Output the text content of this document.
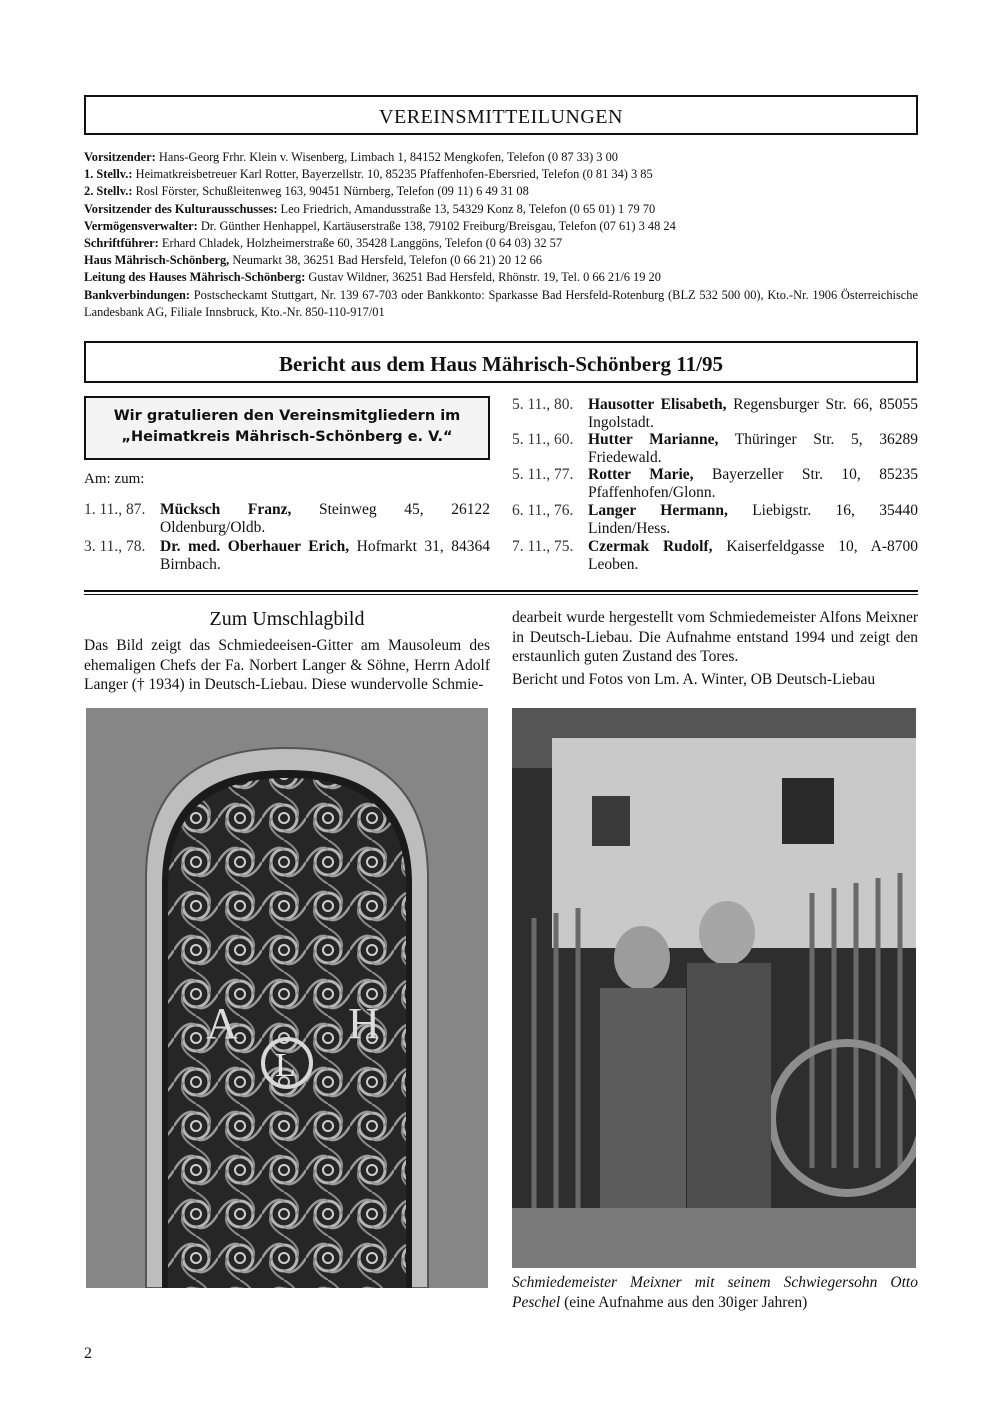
VEREINSMITTEILUNGEN
Vorsitzender: Hans-Georg Frhr. Klein v. Wisenberg, Limbach 1, 84152 Mengkofen, Telefon (0 87 33) 3 00
1. Stellv.: Heimatkreisbetreuer Karl Rotter, Bayerzellstr. 10, 85235 Pfaffenhofen-Ebersried, Telefon (0 81 34) 3 85
2. Stellv.: Rosl Förster, Schußleitenweg 163, 90451 Nürnberg, Telefon (09 11) 6 49 31 08
Vorsitzender des Kulturausschusses: Leo Friedrich, Amandusstraße 13, 54329 Konz 8, Telefon (0 65 01) 1 79 70
Vermögensverwalter: Dr. Günther Henhappel, Kartäuserstraße 138, 79102 Freiburg/Breisgau, Telefon (07 61) 3 48 24
Schriftführer: Erhard Chladek, Holzheimerstraße 60, 35428 Langgöns, Telefon (0 64 03) 32 57
Haus Mährisch-Schönberg, Neumarkt 38, 36251 Bad Hersfeld, Telefon (0 66 21) 20 12 66
Leitung des Hauses Mährisch-Schönberg: Gustav Wildner, 36251 Bad Hersfeld, Rhönstr. 19, Tel. 0 66 21/6 19 20
Bankverbindungen: Postscheckamt Stuttgart, Nr. 139 67-703 oder Bankkonto: Sparkasse Bad Hersfeld-Rotenburg (BLZ 532 500 00), Kto.-Nr. 1906 Österreichische Landesbank AG, Filiale Innsbruck, Kto.-Nr. 850-110-917/01
Bericht aus dem Haus Mährisch-Schönberg 11/95
Wir gratulieren den Vereinsmitgliedern im
„Heimatkreis Mährisch-Schönberg e. V.“
Am: zum:
1. 11., 87. Mücksch Franz, Steinweg 45, 26122 Oldenburg/Oldb.
3. 11., 78. Dr. med. Oberhauer Erich, Hofmarkt 31, 84364 Birnbach.
5. 11., 80. Hausotter Elisabeth, Regensburger Str. 66, 85055 Ingolstadt.
5. 11., 60. Hutter Marianne, Thüringer Str. 5, 36289 Friedewald.
5. 11., 77. Rotter Marie, Bayerzeller Str. 10, 85235 Pfaffenhofen/Glonn.
6. 11., 76. Langer Hermann, Liebigstr. 16, 35440 Linden/Hess.
7. 11., 75. Czermak Rudolf, Kaiserfeldgasse 10, A-8700 Leoben.
Zum Umschlagbild
Das Bild zeigt das Schmiedeeisen-Gitter am Mausoleum des ehemaligen Chefs der Fa. Norbert Langer & Söhne, Herrn Adolf Langer († 1934) in Deutsch-Liebau. Diese wundervolle Schmie-
dearbeit wurde hergestellt vom Schmiedemeister Alfons Meixner in Deutsch-Liebau. Die Aufnahme entstand 1994 und zeigt den erstaunlich guten Zustand des Tores.
Bericht und Fotos von Lm. A. Winter, OB Deutsch-Liebau
A	H
L
Schmiedemeister Meixner mit seinem Schwiegersohn Otto Peschel (eine Aufnahme aus den 30iger Jahren)
2
